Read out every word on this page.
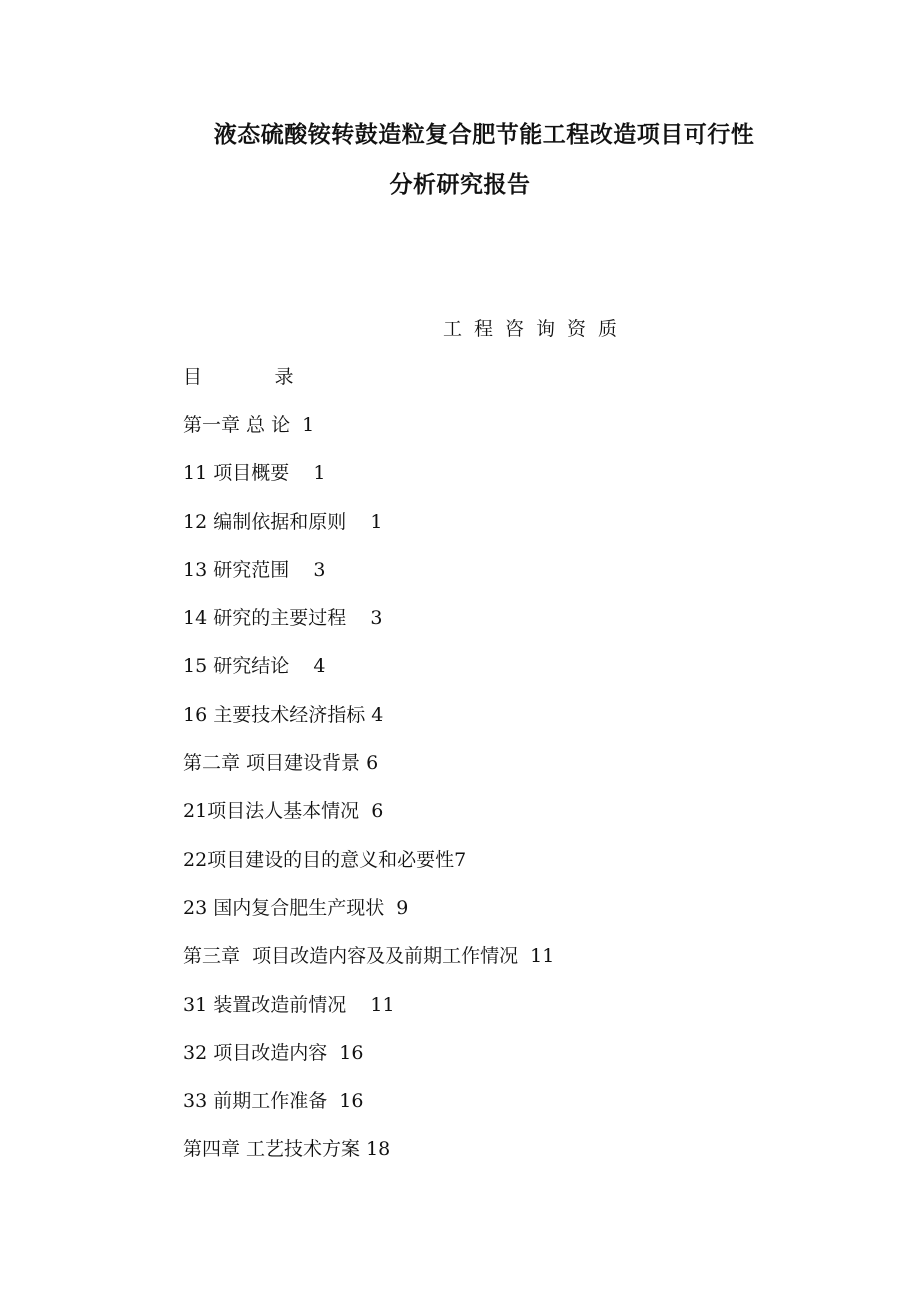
液态硫酸铵转鼓造粒复合肥节能工程改造项目可行性
分析研究报告
工程咨询资质
目            录
第一章 总 论  1
11 项目概要    1
12 编制依据和原则    1
13 研究范围    3
14 研究的主要过程    3
15 研究结论    4
16 主要技术经济指标 4
第二章 项目建设背景 6
21项目法人基本情况  6
22项目建设的目的意义和必要性7
23 国内复合肥生产现状  9
第三章  项目改造内容及及前期工作情况  11
31 装置改造前情况    11
32 项目改造内容  16
33 前期工作准备  16
第四章 工艺技术方案 18
